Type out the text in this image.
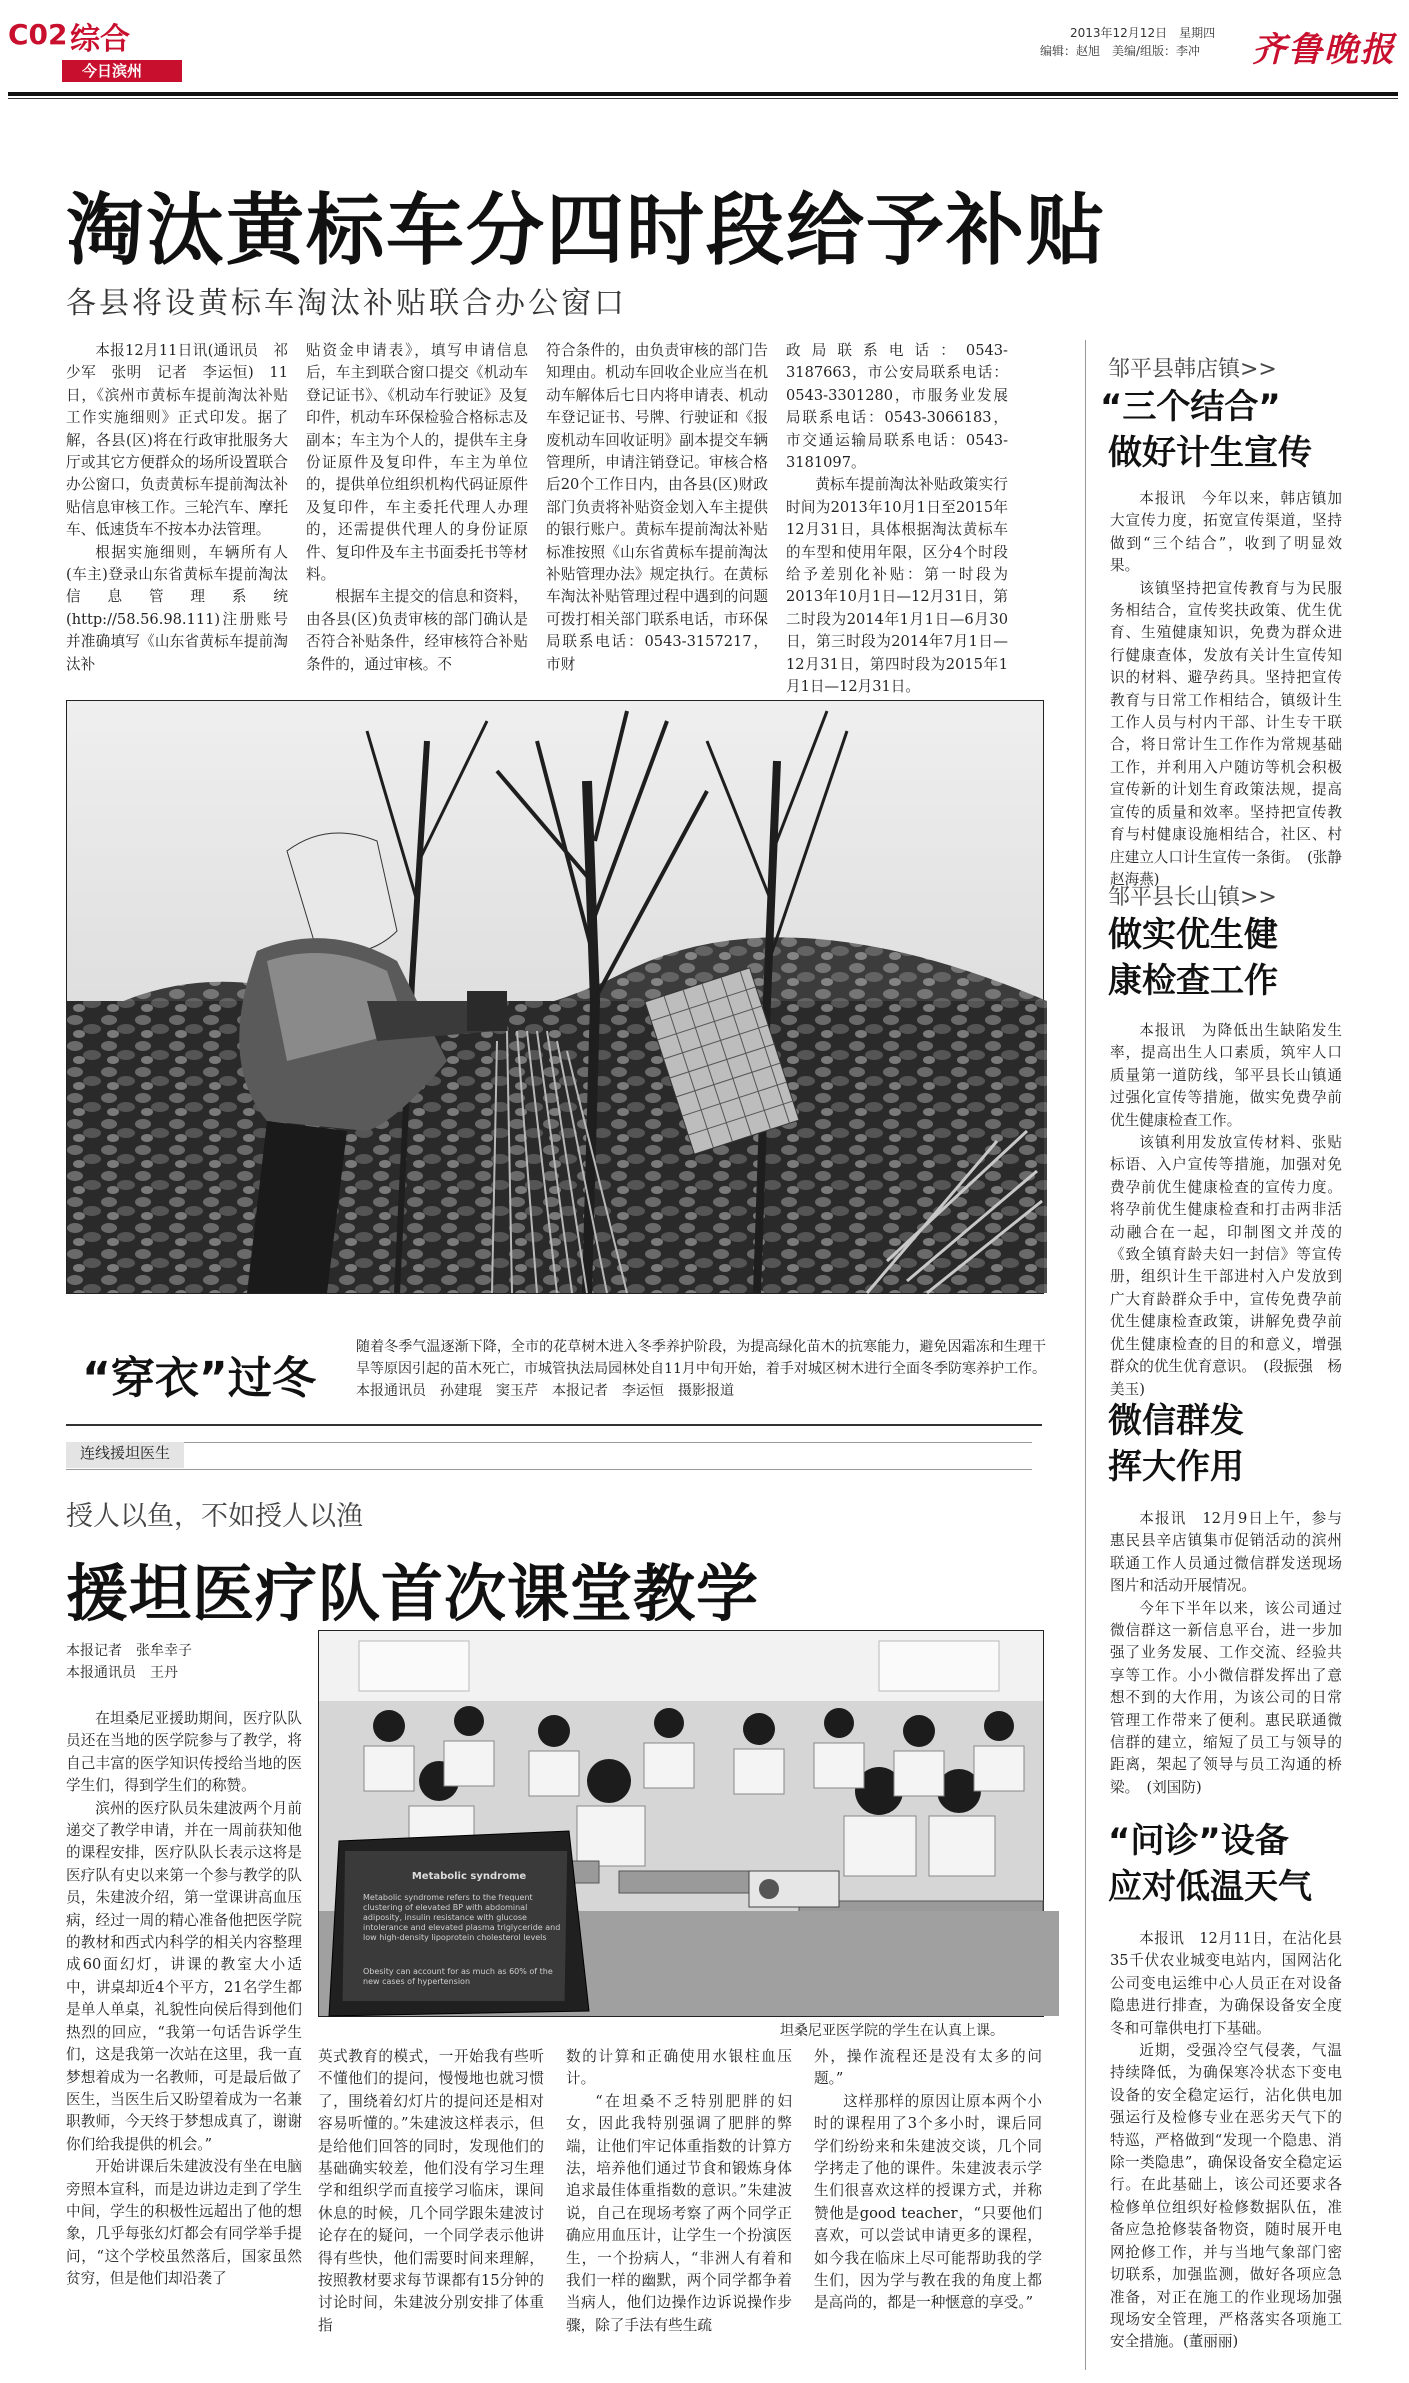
C02 综合
今日滨州
2013年12月12日　星期四
编辑：赵旭　美编/组版：李冲 齐鲁晚报
淘汰黄标车分四时段给予补贴
各县将设黄标车淘汰补贴联合办公窗口

本报12月11日讯(通讯员　祁少军　张明　记者　李运恒)　11日，《滨州市黄标车提前淘汰补贴工作实施细则》正式印发。据了解，各县(区)将在行政审批服务大厅或其它方便群众的场所设置联合办公窗口，负责黄标车提前淘汰补贴信息审核工作。三轮汽车、摩托车、低速货车不按本办法管理。

根据实施细则，车辆所有人(车主)登录山东省黄标车提前淘汰信息管理系统(http://58.56.98.111)注册账号并准确填写《山东省黄标车提前淘汰补

贴资金申请表》，填写申请信息后，车主到联合窗口提交《机动车登记证书》、《机动车行驶证》及复印件，机动车环保检验合格标志及副本；车主为个人的，提供车主身份证原件及复印件，车主为单位的，提供单位组织机构代码证原件及复印件，车主委托代理人办理的，还需提供代理人的身份证原件、复印件及车主书面委托书等材料。

根据车主提交的信息和资料，由各县(区)负责审核的部门确认是否符合补贴条件，经审核符合补贴条件的，通过审核。不

符合条件的，由负责审核的部门告知理由。机动车回收企业应当在机动车解体后七日内将申请表、机动车登记证书、号牌、行驶证和《报废机动车回收证明》副本提交车辆管理所，申请注销登记。审核合格后20个工作日内，由各县(区)财政部门负责将补贴资金划入车主提供的银行账户。黄标车提前淘汰补贴标准按照《山东省黄标车提前淘汰补贴管理办法》规定执行。在黄标车淘汰补贴管理过程中遇到的问题可拨打相关部门联系电话，市环保局联系电话：0543-3157217，市财

政局联系电话：0543-3187663，市公安局联系电话：0543-3301280，市服务业发展局联系电话：0543-3066183，市交通运输局联系电话：0543-3181097。

黄标车提前淘汰补贴政策实行时间为2013年10月1日至2015年12月31日，具体根据淘汰黄标车的车型和使用年限，区分4个时段给予差别化补贴：第一时段为2013年10月1日—12月31日，第二时段为2014年1月1日—6月30日，第三时段为2014年7月1日—12月31日，第四时段为2015年1月1日—12月31日。

“穿衣”过冬
随着冬季气温逐渐下降，全市的花草树木进入冬季养护阶段，为提高绿化苗木的抗寒能力，避免因霜冻和生理干旱等原因引起的苗木死亡，市城管执法局园林处自11月中旬开始，着手对城区树木进行全面冬季防寒养护工作。本报通讯员　孙建琨　窦玉芹　本报记者　李运恒　摄影报道
连线援坦医生
授人以鱼，不如授人以渔
援坦医疗队首次课堂教学
本报记者　张牟幸子
本报通讯员　王丹

在坦桑尼亚援助期间，医疗队队员还在当地的医学院参与了教学，将自己丰富的医学知识传授给当地的医学生们，得到学生们的称赞。

滨州的医疗队员朱建波两个月前递交了教学申请，并在一周前获知他的课程安排，医疗队队长表示这将是医疗队有史以来第一个参与教学的队员，朱建波介绍，第一堂课讲高血压病，经过一周的精心准备他把医学院的教材和西式内科学的相关内容整理成60面幻灯，讲课的教室大小适中，讲桌却近4个平方，21名学生都是单人单桌，礼貌性向侯后得到他们热烈的回应，“我第一句话告诉学生们，这是我第一次站在这里，我一直梦想着成为一名教师，可是最后做了医生，当医生后又盼望着成为一名兼职教师，今天终于梦想成真了，谢谢你们给我提供的机会。”

开始讲课后朱建波没有坐在电脑旁照本宣科，而是边讲边走到了学生中间，学生的积极性远超出了他的想象，几乎每张幻灯都会有同学举手提问，“这个学校虽然落后，国家虽然贫穷，但是他们却沿袭了

Metabolic syndrome
Metabolic syndrome refers to the frequent clustering of elevated BP with abdominal adiposity, insulin resistance with glucose intolerance and elevated plasma triglyceride and low high-density lipoprotein cholesterol levels
Obesity can account for as much as 60% of the new cases of hypertension
坦桑尼亚医学院的学生在认真上课。

英式教育的模式，一开始我有些听不懂他们的提问，慢慢地也就习惯了，围绕着幻灯片的提问还是相对容易听懂的。”朱建波这样表示，但是给他们回答的同时，发现他们的基础确实较差，他们没有学习生理学和组织学而直接学习临床，课间休息的时候，几个同学跟朱建波讨论存在的疑问，一个同学表示他讲得有些快，他们需要时间来理解，按照教材要求每节课都有15分钟的讨论时间，朱建波分别安排了体重指

数的计算和正确使用水银柱血压计。

“在坦桑不乏特别肥胖的妇女，因此我特别强调了肥胖的弊端，让他们牢记体重指数的计算方法，培养他们通过节食和锻炼身体追求最佳体重指数的意识。”朱建波说，自己在现场考察了两个同学正确应用血压计，让学生一个扮演医生，一个扮病人，“非洲人有着和我们一样的幽默，两个同学都争着当病人，他们边操作边诉说操作步骤，除了手法有些生疏

外，操作流程还是没有太多的问题。”

这样那样的原因让原本两个小时的课程用了3个多小时，课后同学们纷纷来和朱建波交谈，几个同学拷走了他的课件。朱建波表示学生们很喜欢这样的授课方式，并称赞他是good teacher，“只要他们喜欢，可以尝试申请更多的课程，如今我在临床上尽可能帮助我的学生们，因为学与教在我的角度上都是高尚的，都是一种惬意的享受。”

邹平县韩店镇>>
“三个结合”
做好计生宣传

本报讯　今年以来，韩店镇加大宣传力度，拓宽宣传渠道，坚持做到“三个结合”，收到了明显效果。

该镇坚持把宣传教育与为民服务相结合，宣传奖扶政策、优生优育、生殖健康知识，免费为群众进行健康查体，发放有关计生宣传知识的材料、避孕药具。坚持把宣传教育与日常工作相结合，镇级计生工作人员与村内干部、计生专干联合，将日常计生工作作为常规基础工作，并利用入户随访等机会积极宣传新的计划生育政策法规，提高宣传的质量和效率。坚持把宣传教育与村健康设施相结合，社区、村庄建立人口计生宣传一条街。　(张静　赵海燕)

邹平县长山镇>>
做实优生健
康检查工作

本报讯　为降低出生缺陷发生率，提高出生人口素质，筑牢人口质量第一道防线，邹平县长山镇通过强化宣传等措施，做实免费孕前优生健康检查工作。

该镇利用发放宣传材料、张贴标语、入户宣传等措施，加强对免费孕前优生健康检查的宣传力度。将孕前优生健康检查和打击两非活动融合在一起，印制图文并茂的《致全镇育龄夫妇一封信》等宣传册，组织计生干部进村入户发放到广大育龄群众手中，宣传免费孕前优生健康检查政策，讲解免费孕前优生健康检查的目的和意义，增强群众的优生优育意识。　(段振强　杨美玉)

微信群发
挥大作用

本报讯　12月9日上午，参与惠民县辛店镇集市促销活动的滨州联通工作人员通过微信群发送现场图片和活动开展情况。

今年下半年以来，该公司通过微信群这一新信息平台，进一步加强了业务发展、工作交流、经验共享等工作。小小微信群发挥出了意想不到的大作用，为该公司的日常管理工作带来了便利。惠民联通微信群的建立，缩短了员工与领导的距离，架起了领导与员工沟通的桥梁。　(刘国防)

“问诊”设备
应对低温天气

本报讯　12月11日，在沾化县35千伏农业城变电站内，国网沾化公司变电运维中心人员正在对设备隐患进行排查，为确保设备安全度冬和可靠供电打下基础。

近期，受强冷空气侵袭，气温持续降低，为确保寒冷状态下变电设备的安全稳定运行，沾化供电加强运行及检修专业在恶劣天气下的特巡，严格做到“发现一个隐患、消除一类隐患”，确保设备安全稳定运行。在此基础上，该公司还要求各检修单位组织好检修数据队伍，准备应急抢修装备物资，随时展开电网抢修工作，并与当地气象部门密切联系，加强监测，做好各项应急准备，对正在施工的作业现场加强现场安全管理，严格落实各项施工安全措施。(董丽丽)
